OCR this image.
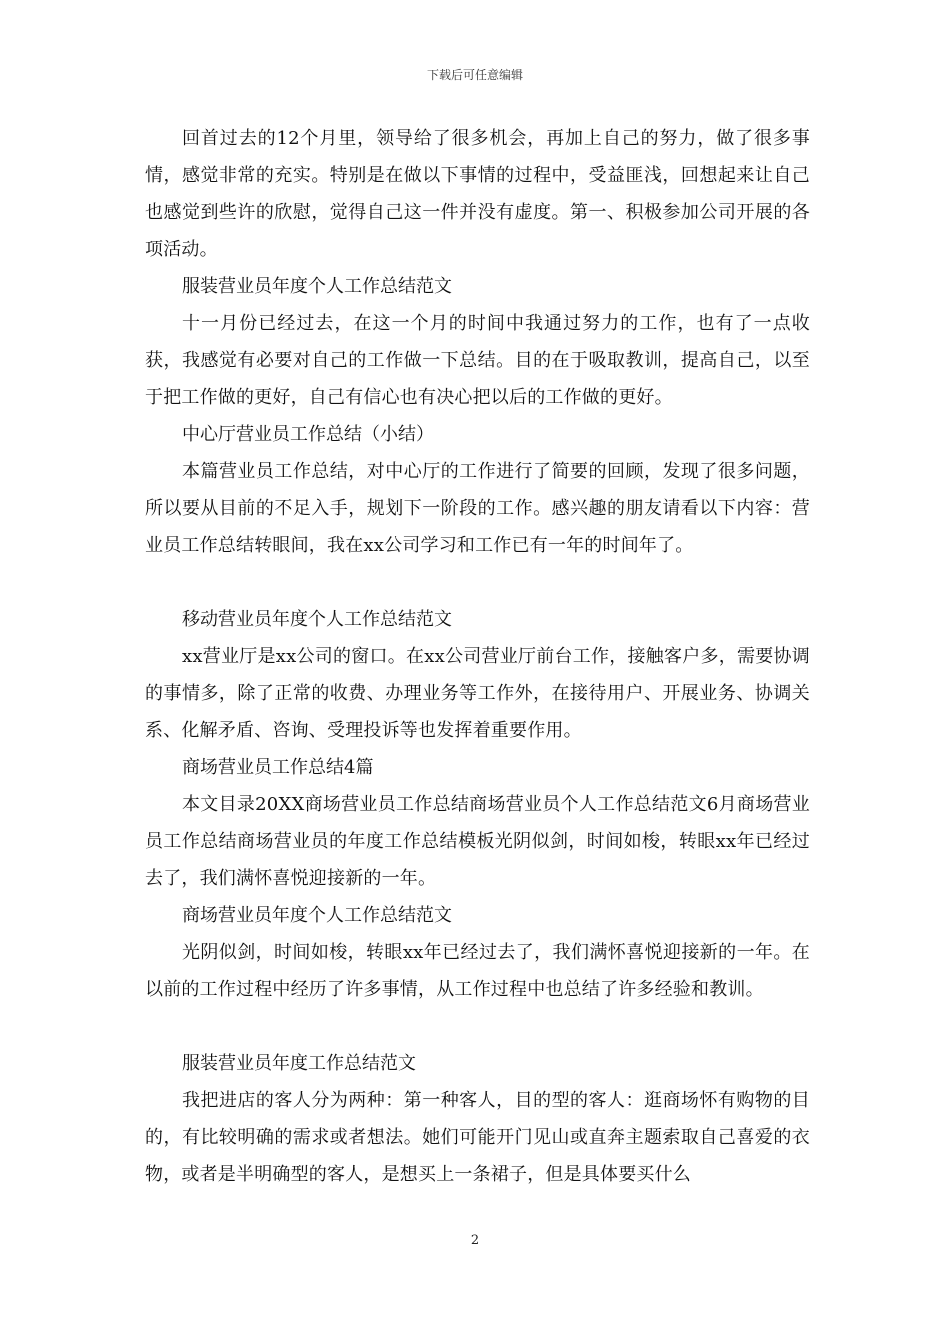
下载后可任意编辑

回首过去的12个月里，领导给了很多机会，再加上自己的努力，做了很多事情，感觉非常的充实。特别是在做以下事情的过程中，受益匪浅，回想起来让自己也感觉到些许的欣慰，觉得自己这一件并没有虚度。第一、积极参加公司开展的各项活动。

服装营业员年度个人工作总结范文

十一月份已经过去，在这一个月的时间中我通过努力的工作，也有了一点收获，我感觉有必要对自己的工作做一下总结。目的在于吸取教训，提高自己，以至于把工作做的更好，自己有信心也有决心把以后的工作做的更好。

中心厅营业员工作总结（小结）

本篇营业员工作总结，对中心厅的工作进行了简要的回顾，发现了很多问题，所以要从目前的不足入手，规划下一阶段的工作。感兴趣的朋友请看以下内容：营业员工作总结转眼间，我在xx公司学习和工作已有一年的时间年了。

移动营业员年度个人工作总结范文

xx营业厅是xx公司的窗口。在xx公司营业厅前台工作，接触客户多，需要协调的事情多，除了正常的收费、办理业务等工作外，在接待用户、开展业务、协调关系、化解矛盾、咨询、受理投诉等也发挥着重要作用。

商场营业员工作总结4篇

本文目录20XX商场营业员工作总结商场营业员个人工作总结范文6月商场营业员工作总结商场营业员的年度工作总结模板光阴似剑，时间如梭，转眼xx年已经过去了，我们满怀喜悦迎接新的一年。

商场营业员年度个人工作总结范文

光阴似剑，时间如梭，转眼xx年已经过去了，我们满怀喜悦迎接新的一年。在以前的工作过程中经历了许多事情，从工作过程中也总结了许多经验和教训。

服装营业员年度工作总结范文

我把进店的客人分为两种：第一种客人，目的型的客人：逛商场怀有购物的目的，有比较明确的需求或者想法。她们可能开门见山或直奔主题索取自己喜爱的衣物，或者是半明确型的客人，是想买上一条裙子，但是具体要买什么

2
